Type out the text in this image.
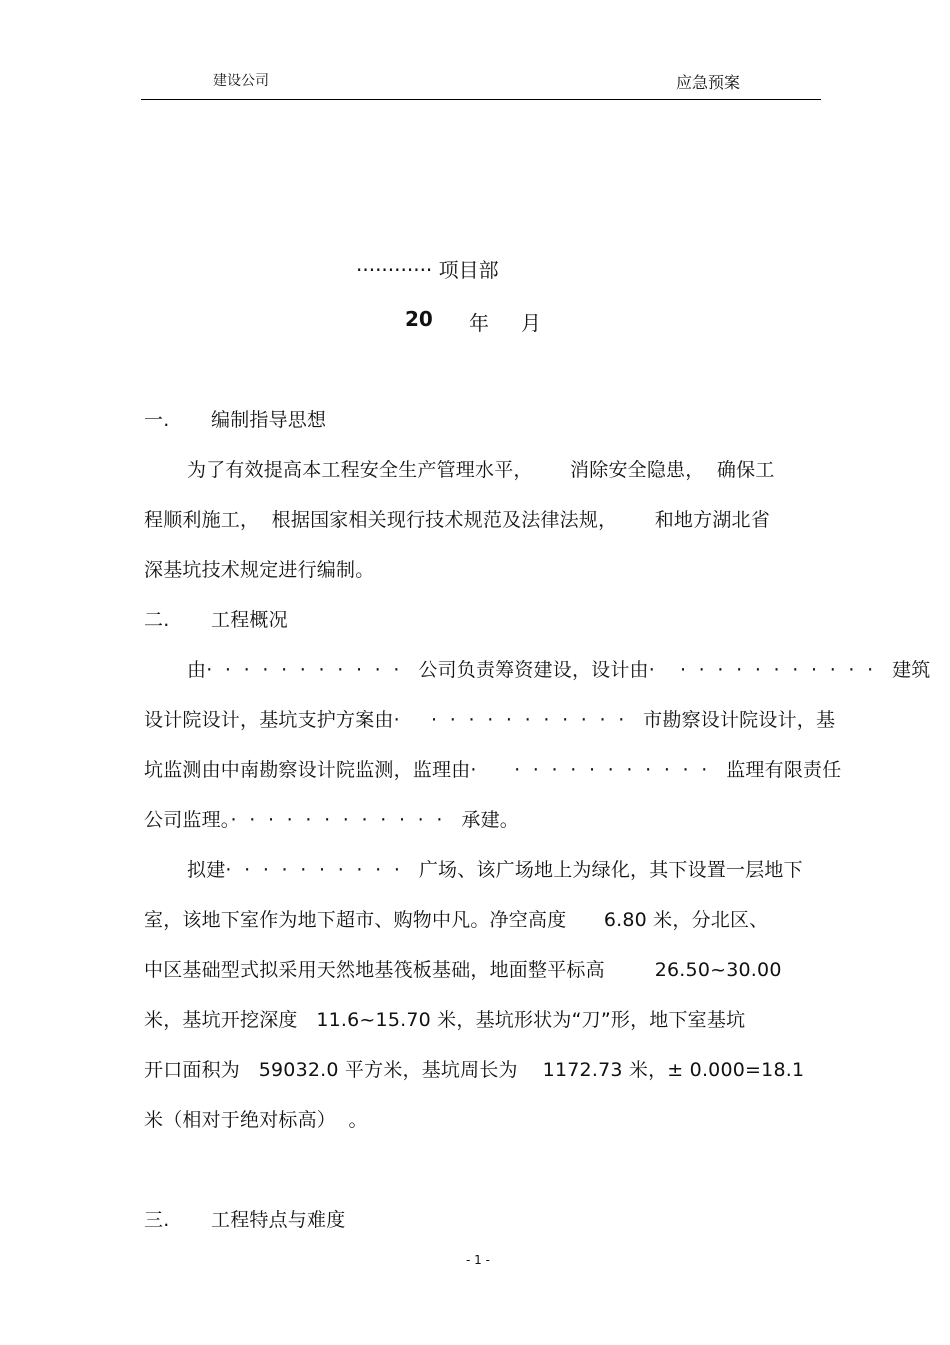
建设公司	应急预案
············ 项目部
20 年 月
一. 编制指导思想
为了有效提高本工程安全生产管理水平，      消除安全隐患，  确保工
程顺利施工，  根据国家相关现行技术规范及法律法规，      和地方湖北省
深基坑技术规定进行编制。
二. 工程概况
由·  ·  ·  ·  ·  ·  ·  ·  ·  ·  ·   公司负责筹资建设，设计由·    ·  ·  ·  ·  ·  ·  ·  ·  ·  ·  ·   建筑
设计院设计，基坑支护方案由·     ·  ·  ·  ·  ·  ·  ·  ·  ·  ·  ·   市勘察设计院设计，基
坑监测由中南勘察设计院监测，监理由·      ·  ·  ·  ·  ·  ·  ·  ·  ·  ·  ·   监理有限责任
公司监理。·  ·  ·  ·  ·  ·  ·  ·  ·  ·  ·  ·   承建。
拟建·  ·  ·  ·  ·  ·  ·  ·  ·  ·   广场、该广场地上为绿化，其下设置一层地下
室，该地下室作为地下超市、购物中凡。净空高度      6.80 米，分北区、
中区基础型式拟采用天然地基筏板基础，地面整平标高        26.50~30.00
米，基坑开挖深度   11.6~15.70 米，基坑形状为“刀”形，地下室基坑
开口面积为   59032.0 平方米，基坑周长为    1172.73 米，± 0.000=18.1
米（相对于绝对标高）  。
三. 工程特点与难度
- 1 -
